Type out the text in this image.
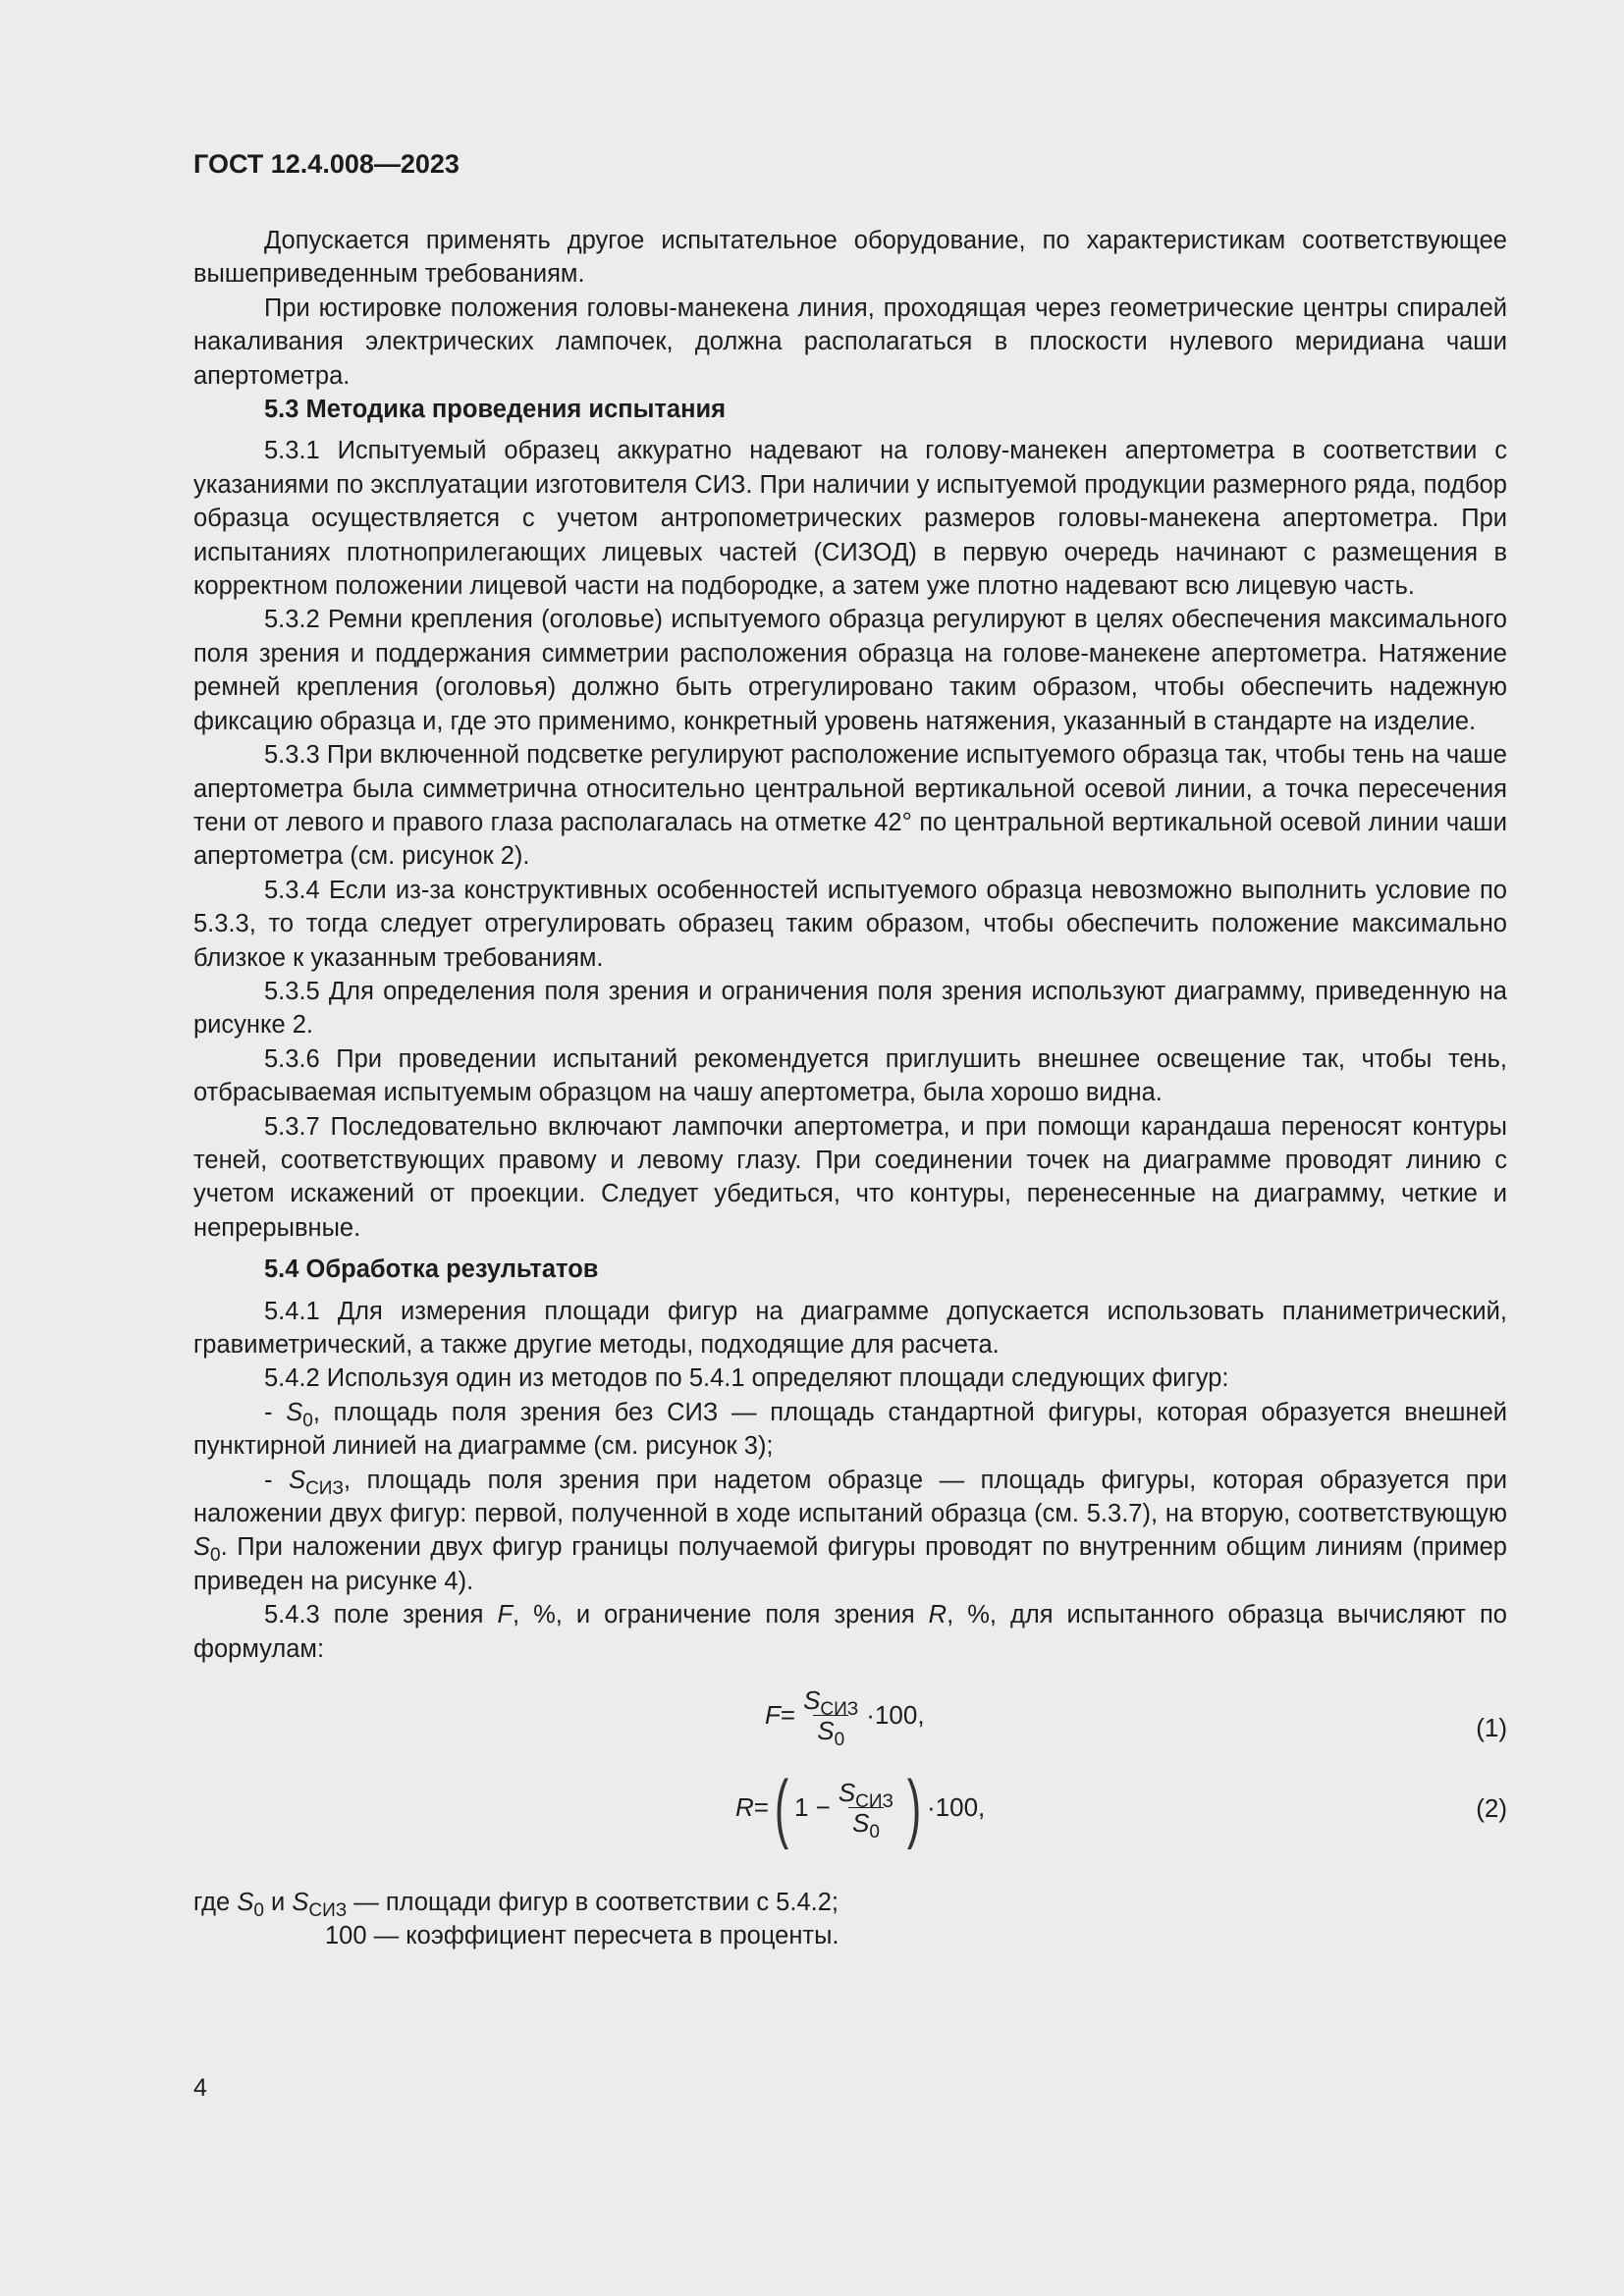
ГОСТ 12.4.008—2023

Допускается применять другое испытательное оборудование, по характеристикам соответствующее вышеприведенным требованиям.

При юстировке положения головы-манекена линия, проходящая через геометрические центры спиралей накаливания электрических лампочек, должна располагаться в плоскости нулевого меридиана чаши апертометра.

5.3 Методика проведения испытания

5.3.1 Испытуемый образец аккуратно надевают на голову-манекен апертометра в соответствии с указаниями по эксплуатации изготовителя СИЗ. При наличии у испытуемой продукции размерного ряда, подбор образца осуществляется с учетом антропометрических размеров головы-манекена апертометра. При испытаниях плотноприлегающих лицевых частей (СИЗОД) в первую очередь начинают с размещения в корректном положении лицевой части на подбородке, а затем уже плотно надевают всю лицевую часть.

5.3.2 Ремни крепления (оголовье) испытуемого образца регулируют в целях обеспечения максимального поля зрения и поддержания симметрии расположения образца на голове-манекене апертометра. Натяжение ремней крепления (оголовья) должно быть отрегулировано таким образом, чтобы обеспечить надежную фиксацию образца и, где это применимо, конкретный уровень натяжения, указанный в стандарте на изделие.

5.3.3 При включенной подсветке регулируют расположение испытуемого образца так, чтобы тень на чаше апертометра была симметрична относительно центральной вертикальной осевой линии, а точка пересечения тени от левого и правого глаза располагалась на отметке 42° по центральной вертикальной осевой линии чаши апертометра (см. рисунок 2).

5.3.4 Если из-за конструктивных особенностей испытуемого образца невозможно выполнить условие по 5.3.3, то тогда следует отрегулировать образец таким образом, чтобы обеспечить положение максимально близкое к указанным требованиям.

5.3.5 Для определения поля зрения и ограничения поля зрения используют диаграмму, приведенную на рисунке 2.

5.3.6 При проведении испытаний рекомендуется приглушить внешнее освещение так, чтобы тень, отбрасываемая испытуемым образцом на чашу апертометра, была хорошо видна.

5.3.7 Последовательно включают лампочки апертометра, и при помощи карандаша переносят контуры теней, соответствующих правому и левому глазу. При соединении точек на диаграмме проводят линию с учетом искажений от проекции. Следует убедиться, что контуры, перенесенные на диаграмму, четкие и непрерывные.

5.4 Обработка результатов

5.4.1 Для измерения площади фигур на диаграмме допускается использовать планиметрический, гравиметрический, а также другие методы, подходящие для расчета.

5.4.2 Используя один из методов по 5.4.1 определяют площади следующих фигур:

- $S_0$, площадь поля зрения без СИЗ — площадь стандартной фигуры, которая образуется внешней пунктирной линией на диаграмме (см. рисунок 3);

- $S_{СИЗ}$, площадь поля зрения при надетом образце — площадь фигуры, которая образуется при наложении двух фигур: первой, полученной в ходе испытаний образца (см. 5.3.7), на вторую, соответствующую $S_0$. При наложении двух фигур границы получаемой фигуры проводят по внутренним общим линиям (пример приведен на рисунке 4).

5.4.3 поле зрения F, %, и ограничение поля зрения R, %, для испытанного образца вычисляют по формулам:

$F = \frac{S_{СИЗ}}{S_0} \cdot 100$,	(1)
R = ( $1 - \frac{S_{СИЗ}}{S_0}$ ) ·100,	(2)
где $S_0$ и $S_{СИЗ}$ — площади фигур в соответствии с 5.4.2;
100 — коэффициент пересчета в проценты.
4
